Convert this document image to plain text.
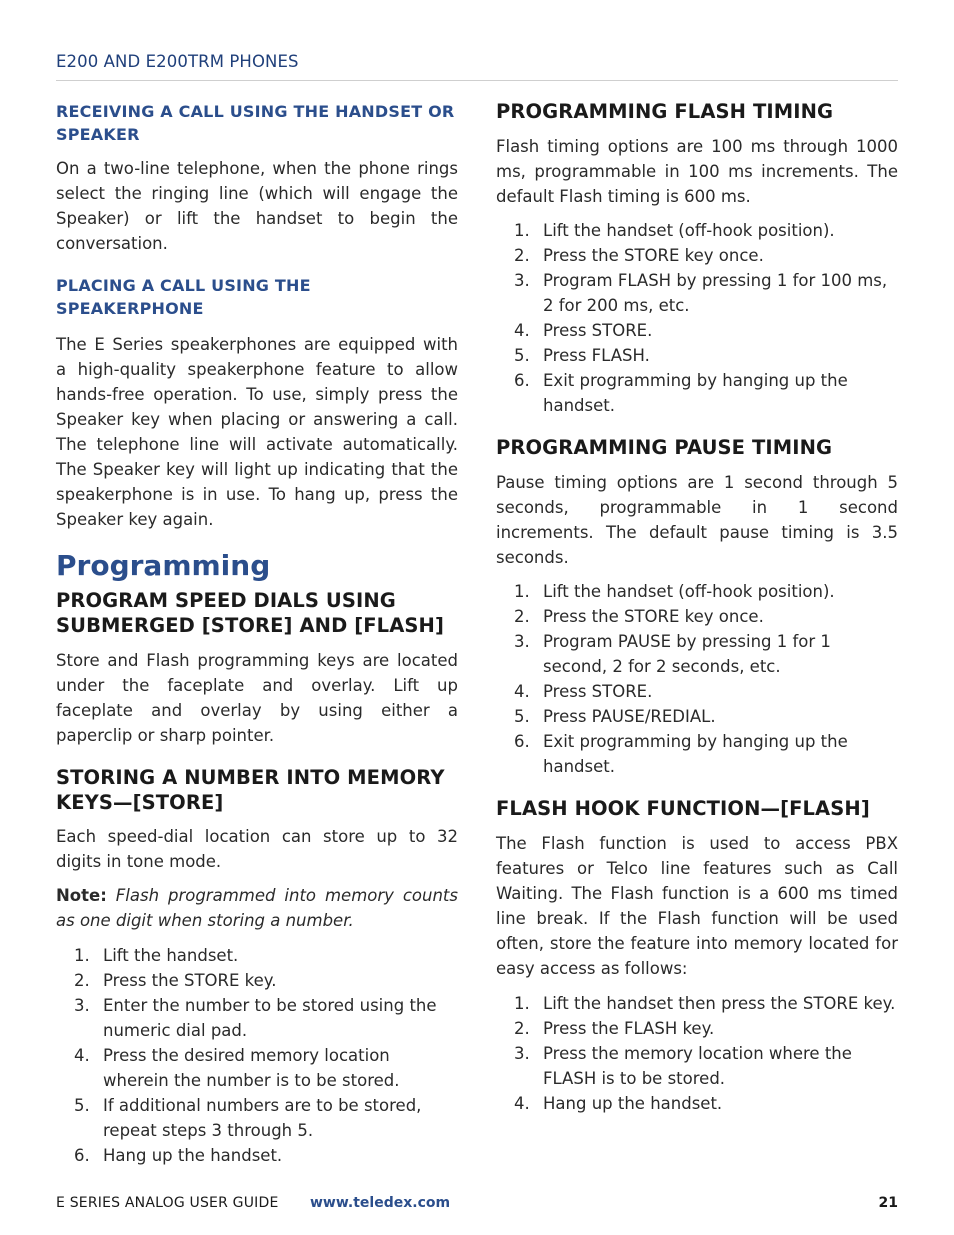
E200 AND E200TRM PHONES
RECEIVING A CALL USING THE HANDSET OR SPEAKER

On a two-line telephone, when the phone rings select the ringing line (which will engage the Speaker) or lift the handset to begin the conversation.

PLACING A CALL USING THE SPEAKERPHONE

The E Series speakerphones are equipped with a high-quality speakerphone feature to allow hands-free operation. To use, simply press the Speaker key when placing or answering a call. The telephone line will activate automatically. The Speaker key will light up indicating that the speakerphone is in use. To hang up, press the Speaker key again.

Programming
PROGRAM SPEED DIALS USING SUBMERGED [STORE] AND [FLASH]

Store and Flash programming keys are located under the faceplate and overlay. Lift up faceplate and overlay by using either a paperclip or sharp pointer.

STORING A NUMBER INTO MEMORY KEYS—[STORE]

Each speed-dial location can store up to 32 digits in tone mode.

Note: Flash programmed into memory counts as one digit when storing a number.

1. Lift the handset.
2. Press the STORE key.
3. Enter the number to be stored using the numeric dial pad.
4. Press the desired memory location wherein the number is to be stored.
5. If additional numbers are to be stored, repeat steps 3 through 5.
6. Hang up the handset.
PROGRAMMING FLASH TIMING

Flash timing options are 100 ms through 1000 ms, programmable in 100 ms increments. The default Flash timing is 600 ms.

1. Lift the handset (off-hook position).
2. Press the STORE key once.
3. Program FLASH by pressing 1 for 100 ms, 2 for 200 ms, etc.
4. Press STORE.
5. Press FLASH.
6. Exit programming by hanging up the handset.
PROGRAMMING PAUSE TIMING

Pause timing options are 1 second through 5 seconds, programmable in 1 second increments. The default pause timing is 3.5 seconds.

1. Lift the handset (off-hook position).
2. Press the STORE key once.
3. Program PAUSE by pressing 1 for 1 second, 2 for 2 seconds, etc.
4. Press STORE.
5. Press PAUSE/REDIAL.
6. Exit programming by hanging up the handset.
FLASH HOOK FUNCTION—[FLASH]

The Flash function is used to access PBX features or Telco line features such as Call Waiting. The Flash function is a 600 ms timed line break. If the Flash function will be used often, store the feature into memory located for easy access as follows:

1. Lift the handset then press the STORE key.
2. Press the FLASH key.
3. Press the memory location where the FLASH is to be stored.
4. Hang up the handset.
E SERIES ANALOG USER GUIDE www.teledex.com	21
